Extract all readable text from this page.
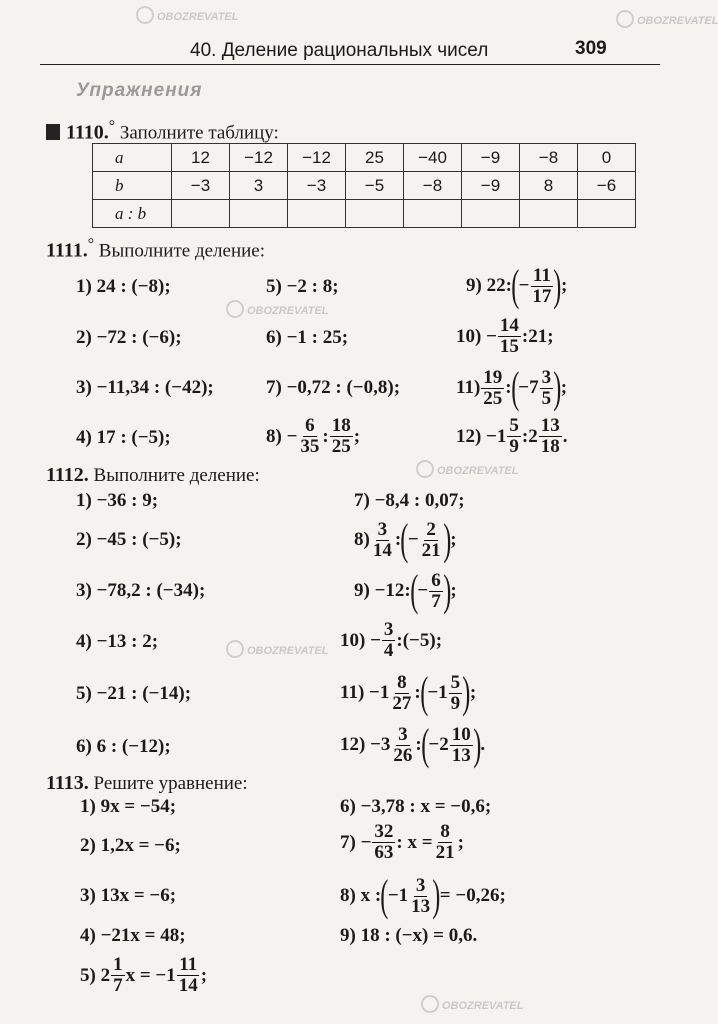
OBOZREVATEL	OBOZREVATEL
OBOZREVATEL
OBOZREVATEL
OBOZREVATEL
OBOZREVATEL
40. Деление рациональных чисел	309
Упражнения
1110.° Заполните таблицу:
a	12	−12	−12	25	−40	−9	−8	0
b	−3	3	−3	−5	−8	−9	8	−6
a : b								
1111.° Выполните деление:
1) 24 : (−8);
2) −72 : (−6);
3) −11,34 : (−42);
4) 17 : (−5);
5) −2 : 8;
6) −1 : 25;
7) −0,72 : (−0,8);
$8) - \frac{6}{35}$ : $\frac{18}{25}$ ;
9) 22: ( − $\frac{11}{17}$ ) ;
$10) - \frac{14}{15}$ :21;
$11) \frac{19}{25}$ : ( $-7 \frac{3}{5}$ ) ;
$12) -1 \frac{5}{9}$ :2 $\frac{13}{18}$ .
1112. Выполните деление:
1) −36 : 9;
2) −45 : (−5);
3) −78,2 : (−34);
4) −13 : 2;
5) −21 : (−14);
6) 6 : (−12);
7) −8,4 : 0,07;
$8) \frac{3}{14}$ : ( − $\frac{2}{21}$ ) ;
9) −12: ( − $\frac{6}{7}$ ) ;
$10) - \frac{3}{4}$ :(−5);
$11) -1 \frac{8}{27}$ : ( $-1 \frac{5}{9}$ ) ;
$12) -3 \frac{3}{26}$ : ( $-2 \frac{10}{13}$ ) .
1113. Решите уравнение:
1) 9x = −54;
2) 1,2x = −6;
3) 13x = −6;
4) −21x = 48;
5) $2 \frac{1}{7}$ $x = -1 \frac{11}{14}$ ;
6) −3,78 : x = −0,6;
$7) - \frac{32}{63}$ : $x = \frac{8}{21}$ ;
8) x : ( $-1 \frac{3}{13}$ ) = −0,26;
9) 18 : (−x) = 0,6.
